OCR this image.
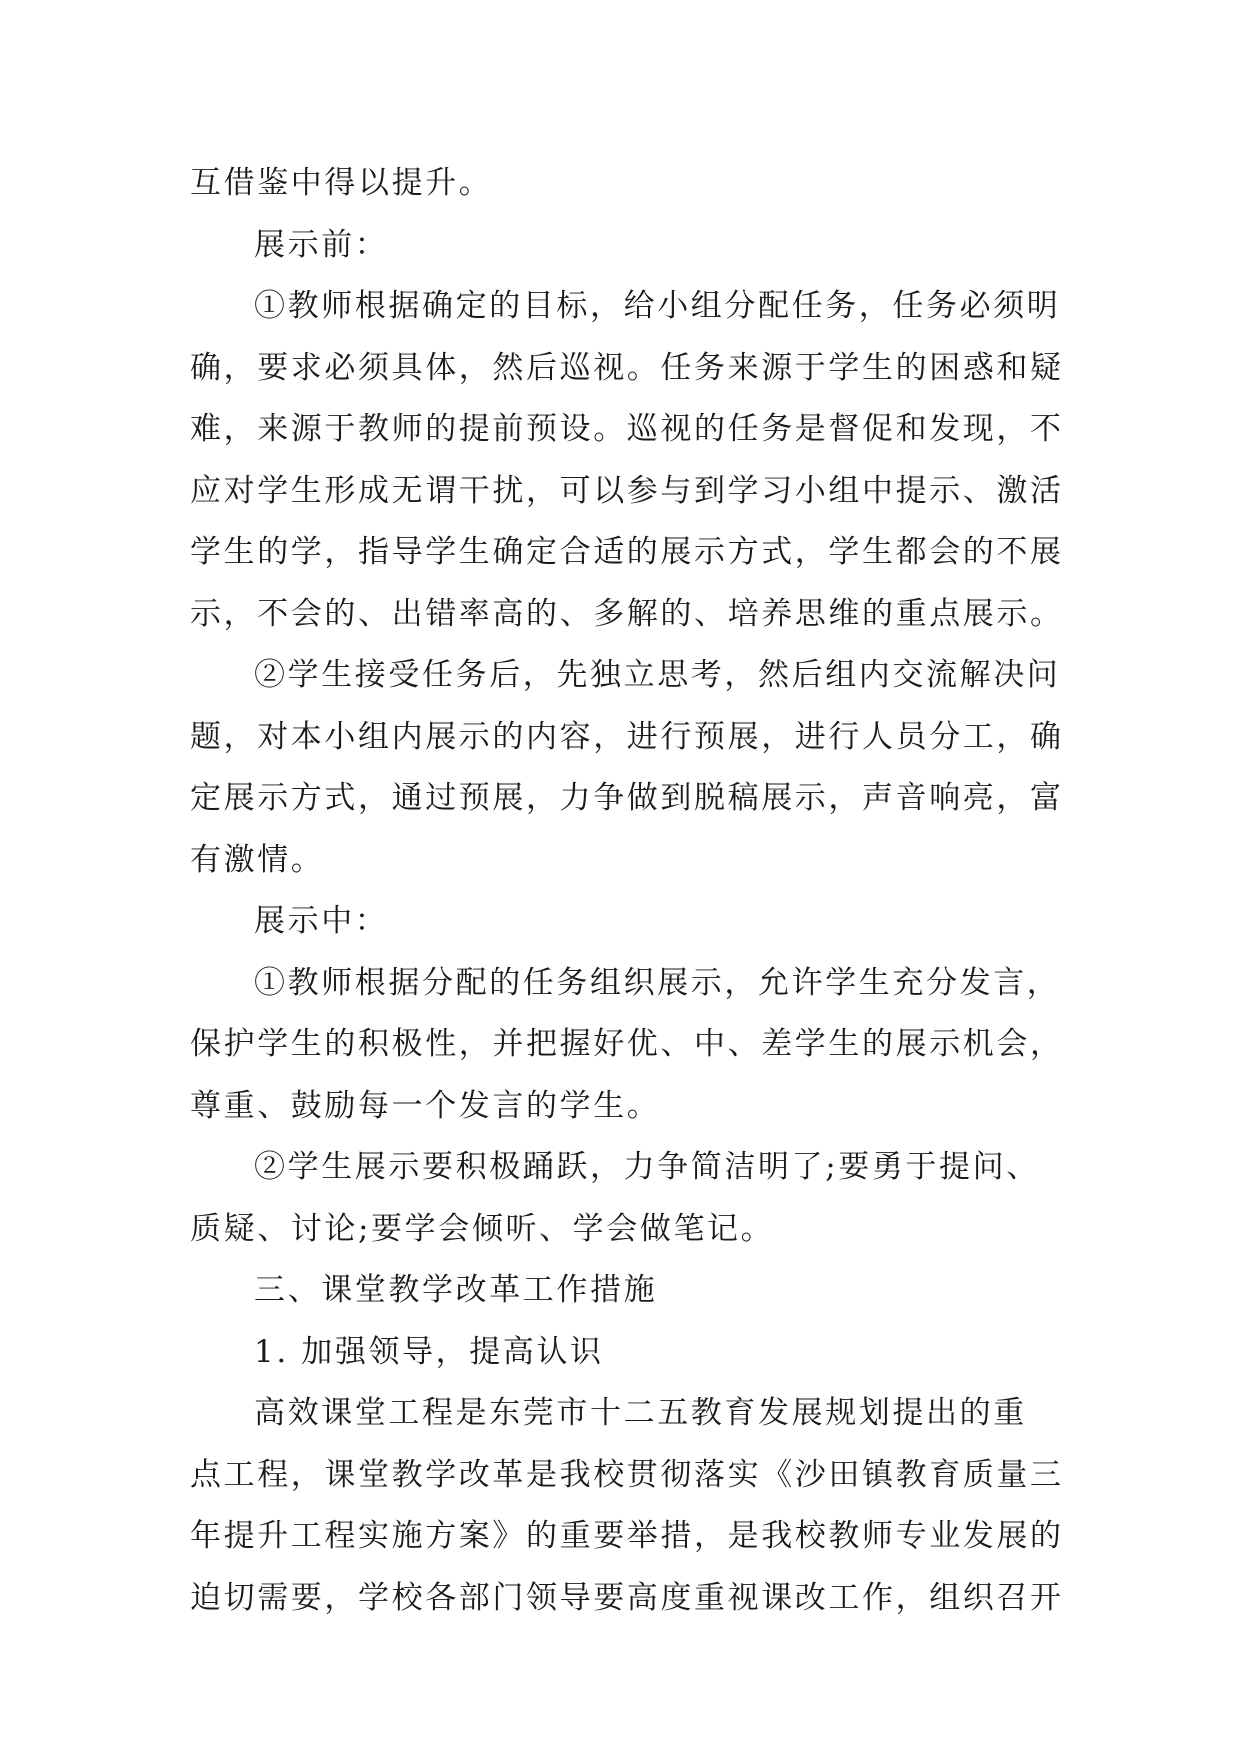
互借鉴中得以提升。
展示前：
①教师根据确定的目标，给小组分配任务，任务必须明
确，要求必须具体，然后巡视。任务来源于学生的困惑和疑
难，来源于教师的提前预设。巡视的任务是督促和发现，不
应对学生形成无谓干扰，可以参与到学习小组中提示、激活
学生的学，指导学生确定合适的展示方式，学生都会的不展
示，不会的、出错率高的、多解的、培养思维的重点展示。
②学生接受任务后，先独立思考，然后组内交流解决问
题，对本小组内展示的内容，进行预展，进行人员分工，确
定展示方式，通过预展，力争做到脱稿展示，声音响亮，富
有激情。
展示中：
①教师根据分配的任务组织展示，允许学生充分发言，
保护学生的积极性，并把握好优、中、差学生的展示机会，
尊重、鼓励每一个发言的学生。
②学生展示要积极踊跃，力争简洁明了;要勇于提问、
质疑、讨论;要学会倾听、学会做笔记。
三、课堂教学改革工作措施
1. 加强领导，提高认识
高效课堂工程是东莞市十二五教育发展规划提出的重
点工程，课堂教学改革是我校贯彻落实《沙田镇教育质量三
年提升工程实施方案》的重要举措，是我校教师专业发展的
迫切需要，学校各部门领导要高度重视课改工作，组织召开
